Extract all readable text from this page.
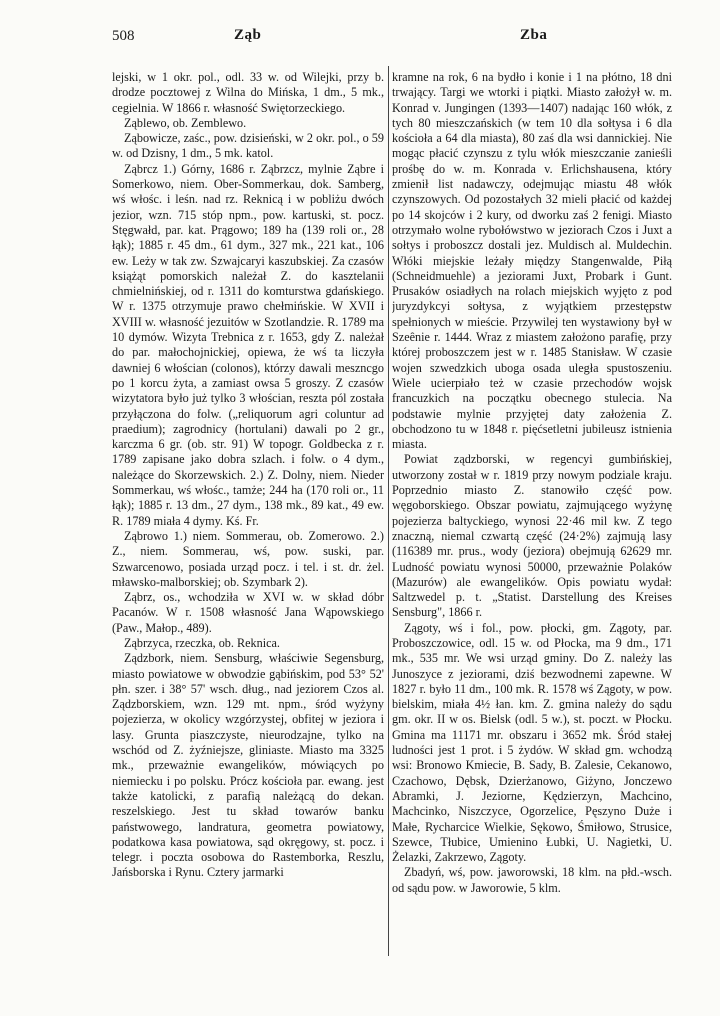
508	Ząb	Zba

lejski, w 1 okr. pol., odl. 33 w. od Wilejki, przy b. drodze pocztowej z Wilna do Mińska, 1 dm., 5 mk., cegielnia. W 1866 r. własność Swiętorzeckiego.

Ząblewo, ob. Zemblewo.

Ząbowicze, zaśc., pow. dzisieński, w 2 okr. pol., o 59 w. od Dzisny, 1 dm., 5 mk. katol.

Ząbrcz 1.) Górny, 1686 r. Ząbrzcz, mylnie Ząbre i Somerkowo, niem. Ober-Sommerkau, dok. Samberg, wś włośc. i leśn. nad rz. Reknicą i w pobliżu dwóch jezior, wzn. 715 stóp npm., pow. kartuski, st. pocz. Stęgwałd, par. kat. Prągowo; 189 ha (139 roli or., 28 łąk); 1885 r. 45 dm., 61 dym., 327 mk., 221 kat., 106 ew. Leży w tak zw. Szwajcaryi kaszubskiej. Za czasów książąt pomorskich należał Z. do kasztelanii chmielnińskiej, od r. 1311 do komturstwa gdańskiego. W r. 1375 otrzymuje prawo chełmińskie. W XVII i XVIII w. własność jezuitów w Szotlandzie. R. 1789 ma 10 dymów. Wizyta Trebnica z r. 1653, gdy Z. należał do par. małochojnickiej, opiewa, że wś ta liczyła dawniej 6 włościan (colonos), którzy dawali meszncgo po 1 korcu żyta, a zamiast owsa 5 groszy. Z czasów wizytatora było już tylko 3 włościan, reszta pól została przyłączona do folw. („reliquorum agri coluntur ad praedium); zagrodnicy (hortulani) dawali po 2 gr., karczma 6 gr. (ob. str. 91) W topogr. Goldbecka z r. 1789 zapisane jako dobra szlach. i folw. o 4 dym., należące do Skorzewskich. 2.) Z. Dolny, niem. Nieder Sommerkau, wś włośc., tamże; 244 ha (170 roli or., 11 łąk); 1885 r. 13 dm., 27 dym., 138 mk., 89 kat., 49 ew. R. 1789 miała 4 dymy. Kś. Fr.

Ząbrowo 1.) niem. Sommerau, ob. Zomerowo. 2.) Z., niem. Sommerau, wś, pow. suski, par. Szwarcenowo, posiada urząd pocz. i tel. i st. dr. żel. mławsko-malborskiej; ob. Szymbark 2).

Ząbrz, os., wchodziła w XVI w. w skład dóbr Pacanów. W r. 1508 własność Jana Wąpowskiego (Paw., Małop., 489).

Ząbrzyca, rzeczka, ob. Reknica.

Ządzbork, niem. Sensburg, właściwie Segensburg, miasto powiatowe w obwodzie gąbińskim, pod 53° 52' płn. szer. i 38° 57' wsch. dług., nad jeziorem Czos al. Ządzborskiem, wzn. 129 mt. npm., śród wyżyny pojezierza, w okolicy wzgórzystej, obfitej w jeziora i lasy. Grunta piaszczyste, nieurodzajne, tylko na wschód od Z. żyźniejsze, gliniaste. Miasto ma 3325 mk., przeważnie ewangelików, mówiących po niemiecku i po polsku. Prócz kościoła par. ewang. jest także katolicki, z parafią należącą do dekan. reszelskiego. Jest tu skład towarów banku państwowego, landratura, geometra powiatowy, podatkowa kasa powiatowa, sąd okręgowy, st. pocz. i telegr. i poczta osobowa do Rastemborka, Reszlu, Jańsborska i Rynu. Cztery jarmarki

kramne na rok, 6 na bydło i konie i 1 na płótno, 18 dni trwający. Targi we wtorki i piątki. Miasto założył w. m. Konrad v. Jungingen (1393—1407) nadając 160 włók, z tych 80 mieszczańskich (w tem 10 dla sołtysa i 6 dla kościoła a 64 dla miasta), 80 zaś dla wsi dannickiej. Nie mogąc płacić czynszu z tylu włók mieszczanie zanieśli prośbę do w. m. Konrada v. Erlichshausena, który zmienił list nadawczy, odejmując miastu 48 włók czynszowych. Od pozostałych 32 mieli płacić od każdej po 14 skojców i 2 kury, od dworku zaś 2 fenigi. Miasto otrzymało wolne rybołówstwo w jeziorach Czos i Juxt a sołtys i proboszcz dostali jez. Muldisch al. Muldechin. Włóki miejskie leżały między Stangenwalde, Piłą (Schneidmuehle) a jeziorami Juxt, Probark i Gunt. Prusaków osiadłych na rolach miejskich wyjęto z pod juryzdykcyi sołtysa, z wyjątkiem przestępstw spełnionych w mieście. Przywilej ten wystawiony był w Szeênie r. 1444. Wraz z miastem założono parafię, przy której proboszczem jest w r. 1485 Stanisław. W czasie wojen szwedzkich uboga osada uległa spustoszeniu. Wiele ucierpiało też w czasie przechodów wojsk francuzkich na początku obecnego stulecia. Na podstawie mylnie przyjętej daty założenia Z. obchodzono tu w 1848 r. pięćsetletni jubileusz istnienia miasta.

Powiat ządzborski, w regencyi gumbińskiej, utworzony został w r. 1819 przy nowym podziale kraju. Poprzednio miasto Z. stanowiło część pow. węgoborskiego. Obszar powiatu, zajmującego wyżynę pojezierza baltyckiego, wynosi 22·46 mil kw. Z tego znaczną, niemal czwartą część (24·2%) zajmują lasy (116389 mr. prus., wody (jeziora) obejmują 62629 mr. Ludność powiatu wynosi 50000, przeważnie Polaków (Mazurów) ale ewangelików. Opis powiatu wydał: Saltzwedel p. t. „Statist. Darstellung des Kreises Sensburg", 1866 r.

Zągoty, wś i fol., pow. płocki, gm. Zągoty, par. Proboszczowice, odl. 15 w. od Płocka, ma 9 dm., 171 mk., 535 mr. We wsi urząd gminy. Do Z. należy las Junoszyce z jeziorami, dziś bezwodnemi zapewne. W 1827 r. było 11 dm., 100 mk. R. 1578 wś Zągoty, w pow. bielskim, miała 4½ łan. km. Z. gmina należy do sądu gm. okr. II w os. Bielsk (odl. 5 w.), st. poczt. w Płocku. Gmina ma 11171 mr. obszaru i 3652 mk. Śród stałej ludności jest 1 prot. i 5 żydów. W skład gm. wchodzą wsi: Bronowo Kmiecie, B. Sady, B. Zalesie, Cekanowo, Czachowo, Dębsk, Dzierżanowo, Giżyno, Jonczewo Abramki, J. Jeziorne, Kędzierzyn, Machcino, Machcinko, Niszczyce, Ogorzelice, Pęszyno Duże i Małe, Rycharcice Wielkie, Sękowo, Śmiłowo, Strusice, Szewce, Tłubice, Umienino Łubki, U. Nagietki, U. Żelazki, Zakrzewo, Zągoty.

Zbadyń, wś, pow. jaworowski, 18 klm. na płd.-wsch. od sądu pow. w Jaworowie, 5 klm.
